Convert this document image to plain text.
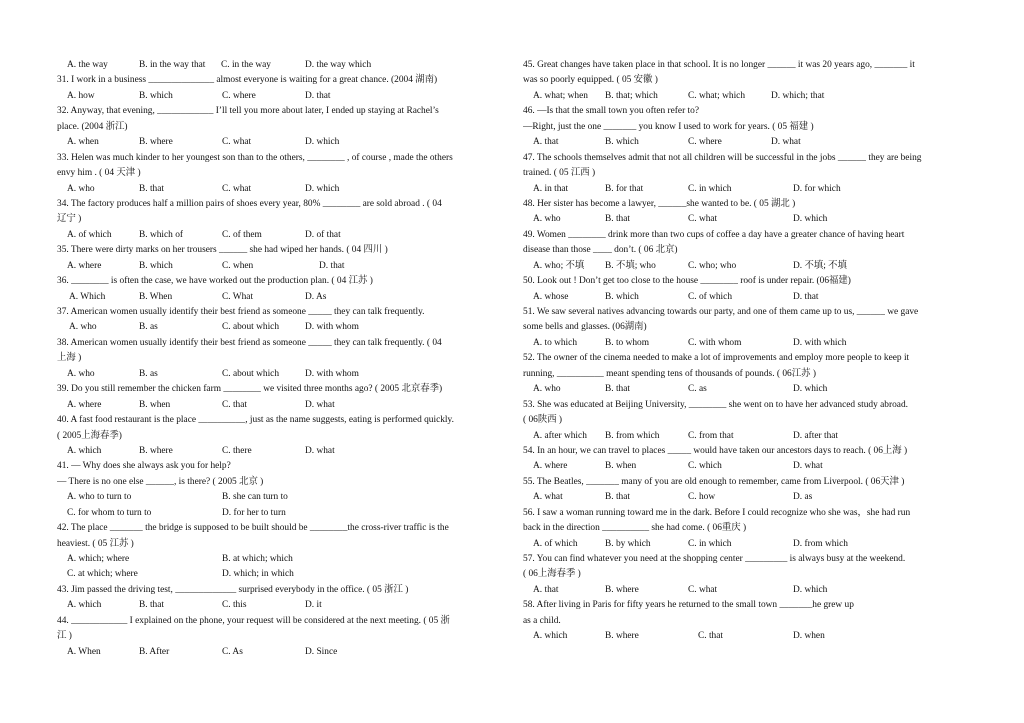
A. the way	B. in the way that C. in the way	D. the way which
31. I work in a business ______________ almost everyone is waiting for a great chance. (2004 湖南)
A. how	B. which	C. where	D. that
32. Anyway, that evening, ____________ I’ll tell you more about later, I ended up staying at Rachel’s
place. (2004 浙江)
A. when	B. where	C. what	D. which
33. Helen was much kinder to her youngest son than to the others, ________ , of course , made the others
envy him . ( 04 天津 )
A. who	B. that	C. what	D. which
34. The factory produces half a million pairs of shoes every year, 80% ________ are sold abroad . ( 04
辽宁 )
A. of which	B. which of	C. of them	D. of that
35. There were dirty marks on her trousers ______ she had wiped her hands. ( 04 四川 )
A. where	B. which	C. when	D. that
36. ________ is often the case, we have worked out the production plan. ( 04 江苏 )
A. Which	B. When	C. What	D. As
37. American women usually identify their best friend as someone _____ they can talk frequently.
A. who	B. as	C. about which	D. with whom
38. American women usually identify their best friend as someone _____ they can talk frequently. ( 04
上海 )
A. who	B. as	C. about which	D. with whom
39. Do you still remember the chicken farm ________ we visited three months ago? ( 2005 北京春季)
A. where	B. when	C. that	D. what
40. A fast food restaurant is the place __________, just as the name suggests, eating is performed quickly.
( 2005上海春季)
A. which	B. where	C. there	D. what
41. — Why does she always ask you for help?
— There is no one else ______, is there? ( 2005 北京 )
A. who to turn to	B. she can turn to
C. for whom to turn to	D. for her to turn
42. The place _______ the bridge is supposed to be built should be ________the cross-river traffic is the
heaviest. ( 05 江苏 )
A. which; where	B. at which; which
C. at which; where	D. which; in which
43. Jim passed the driving test, _____________ surprised everybody in the office. ( 05 浙江 )
A. which	B. that	C. this	D. it
44. ____________ I explained on the phone, your request will be considered at the next meeting. ( 05 浙
江 )
A. When	B. After	C. As	D. Since
45. Great changes have taken place in that school. It is no longer ______ it was 20 years ago, _______ it
was so poorly equipped. ( 05 安徽 )
A. what; when B. that; which	C. what; which	D. which; that
46. —Is that the small town you often refer to?
—Right, just the one _______ you know I used to work for years. ( 05 福建 )
A. that	B. which	C. where	D. what
47. The schools themselves admit that not all children will be successful in the jobs ______ they are being
trained. ( 05 江西 )
A. in that	B. for that	C. in which	D. for which
48. Her sister has become a lawyer, ______she wanted to be. ( 05 湖北 )
A. who	B. that	C. what	D. which
49. Women ________ drink more than two cups of coffee a day have a greater chance of having heart
disease than those ____ don’t. ( 06 北京)
A. who; 不填 B. 不填; who	C. who; who	D. 不填; 不填
50. Look out ! Don’t get too close to the house ________ roof is under repair. (06福建)
A. whose	B. which	C. of which	D. that
51. We saw several natives advancing towards our party, and one of them came up to us, ______ we gave
some bells and glasses. (06湖南)
A. to which	B. to whom	C. with whom	D. with which
52. The owner of the cinema needed to make a lot of improvements and employ more people to keep it
running, __________ meant spending tens of thousands of pounds. ( 06江苏 )
A. who	B. that	C. as	D. which
53. She was educated at Beijing University, ________ she went on to have her advanced study abroad.
( 06陕西 )
A. after which B. from which	C. from that	D. after that
54. In an hour, we can travel to places _____ would have taken our ancestors days to reach. ( 06上海 )
A. where	B. when	C. which	D. what
55. The Beatles, _______ many of you are old enough to remember, came from Liverpool. ( 06天津 )
A. what	B. that	C. how	D. as
56. I saw a woman running toward me in the dark. Before I could recognize who she was，she had run
back in the direction __________ she had come. ( 06重庆 )
A. of which	B. by which	C. in which	D. from which
57. You can find whatever you need at the shopping center _________ is always busy at the weekend.
( 06上海春季 )
A. that	B. where	C. what	D. which
58. After living in Paris for fifty years he returned to the small town _______he grew up
as a child.
A. which	B. where	C. that	D. when
